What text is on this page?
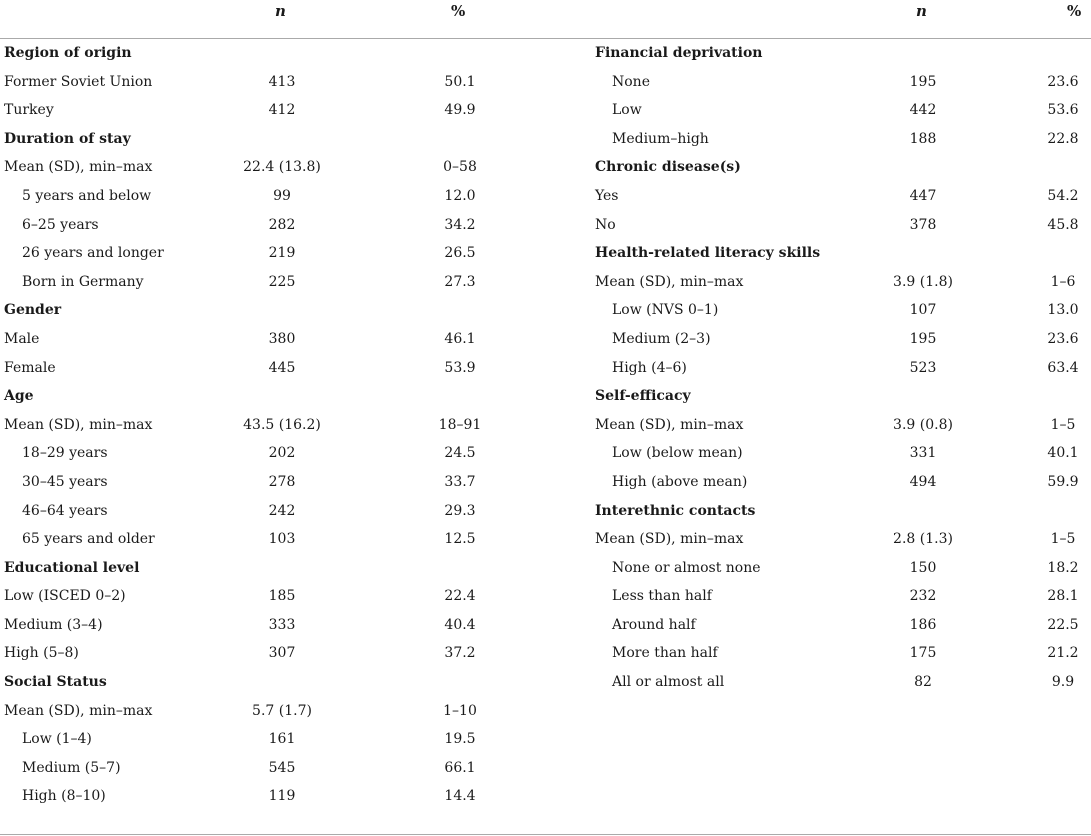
n	%	n	%
Region of origin
Former Soviet Union	413	50.1
Turkey	412	49.9
Duration of stay
Mean (SD), min–max	22.4 (13.8)	0–58
5 years and below	99	12.0
6–25 years	282	34.2
26 years and longer	219	26.5
Born in Germany	225	27.3
Gender
Male	380	46.1
Female	445	53.9
Age
Mean (SD), min–max	43.5 (16.2)	18–91
18–29 years	202	24.5
30–45 years	278	33.7
46–64 years	242	29.3
65 years and older	103	12.5
Educational level
Low (ISCED 0–2)	185	22.4
Medium (3–4)	333	40.4
High (5–8)	307	37.2
Social Status
Mean (SD), min–max	5.7 (1.7)	1–10
Low (1–4)	161	19.5
Medium (5–7)	545	66.1
High (8–10)	119	14.4
Financial deprivation
None	195	23.6
Low	442	53.6
Medium–high	188	22.8
Chronic disease(s)
Yes	447	54.2
No	378	45.8
Health-related literacy skills
Mean (SD), min–max	3.9 (1.8)	1–6
Low (NVS 0–1)	107	13.0
Medium (2–3)	195	23.6
High (4–6)	523	63.4
Self-efficacy
Mean (SD), min–max	3.9 (0.8)	1–5
Low (below mean)	331	40.1
High (above mean)	494	59.9
Interethnic contacts
Mean (SD), min–max	2.8 (1.3)	1–5
None or almost none	150	18.2
Less than half	232	28.1
Around half	186	22.5
More than half	175	21.2
All or almost all	82	9.9
